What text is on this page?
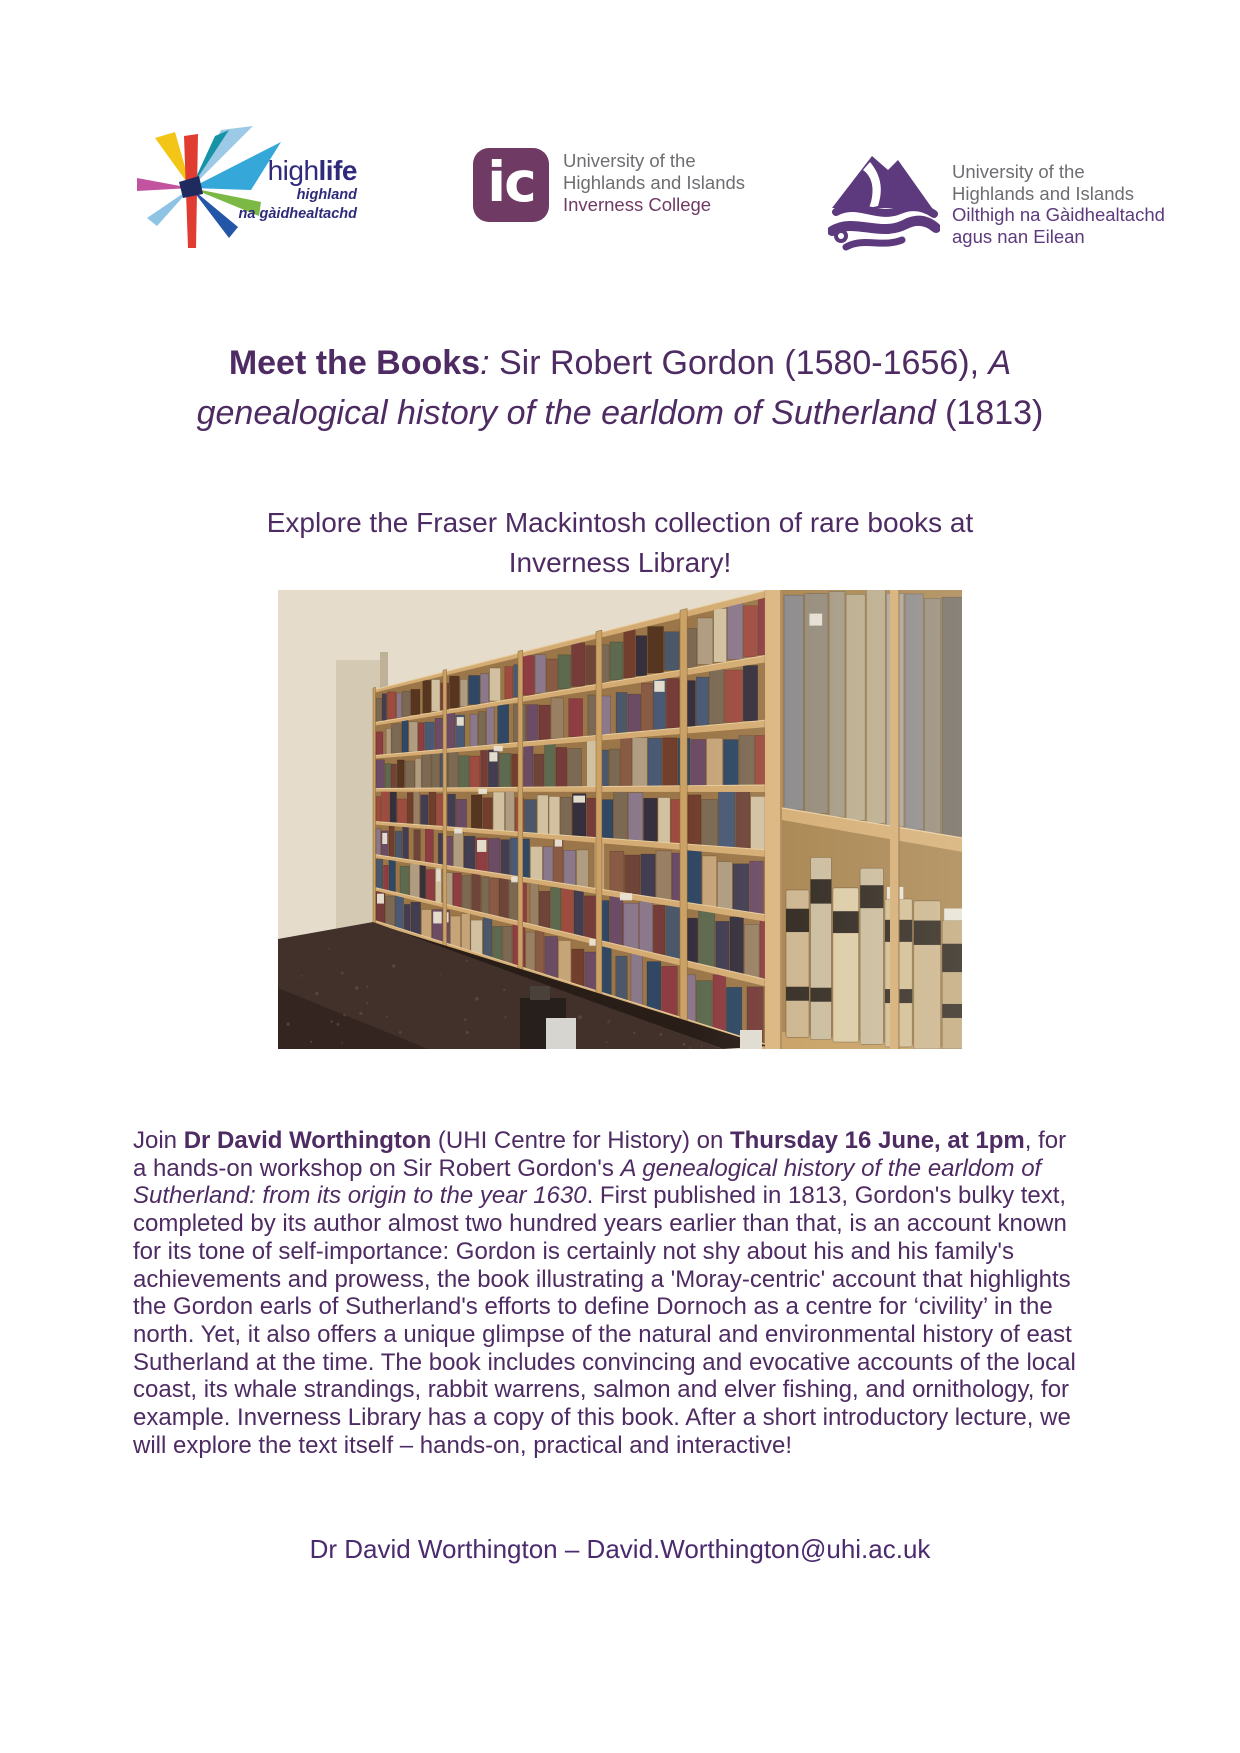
highlife
highland
na gàidhealtachd ic	University of the
Highlands and Islands
Inverness College
University of the
Highlands and Islands
Oilthigh na Gàidhealtachd
agus nan Eilean
Meet the Books: Sir Robert Gordon (1580-1656), A
genealogical history of the earldom of Sutherland (1813)
Explore the Fraser Mackintosh collection of rare books at
Inverness Library!

Join Dr David Worthington (UHI Centre for History) on Thursday 16 June, at 1pm, for a hands-on workshop on Sir Robert Gordon's A genealogical history of the earldom of Sutherland: from its origin to the year 1630. First published in 1813, Gordon's bulky text, completed by its author almost two hundred years earlier than that, is an account known for its tone of self-importance: Gordon is certainly not shy about his and his family's achievements and prowess, the book illustrating a 'Moray-centric' account that highlights the Gordon earls of Sutherland's efforts to define Dornoch as a centre for ‘civility’ in the north. Yet, it also offers a unique glimpse of the natural and environmental history of east Sutherland at the time. The book includes convincing and evocative accounts of the local coast, its whale strandings, rabbit warrens, salmon and elver fishing, and ornithology, for example. Inverness Library has a copy of this book. After a short introductory lecture, we will explore the text itself – hands-on, practical and interactive!

Dr David Worthington – David.Worthington@uhi.ac.uk
